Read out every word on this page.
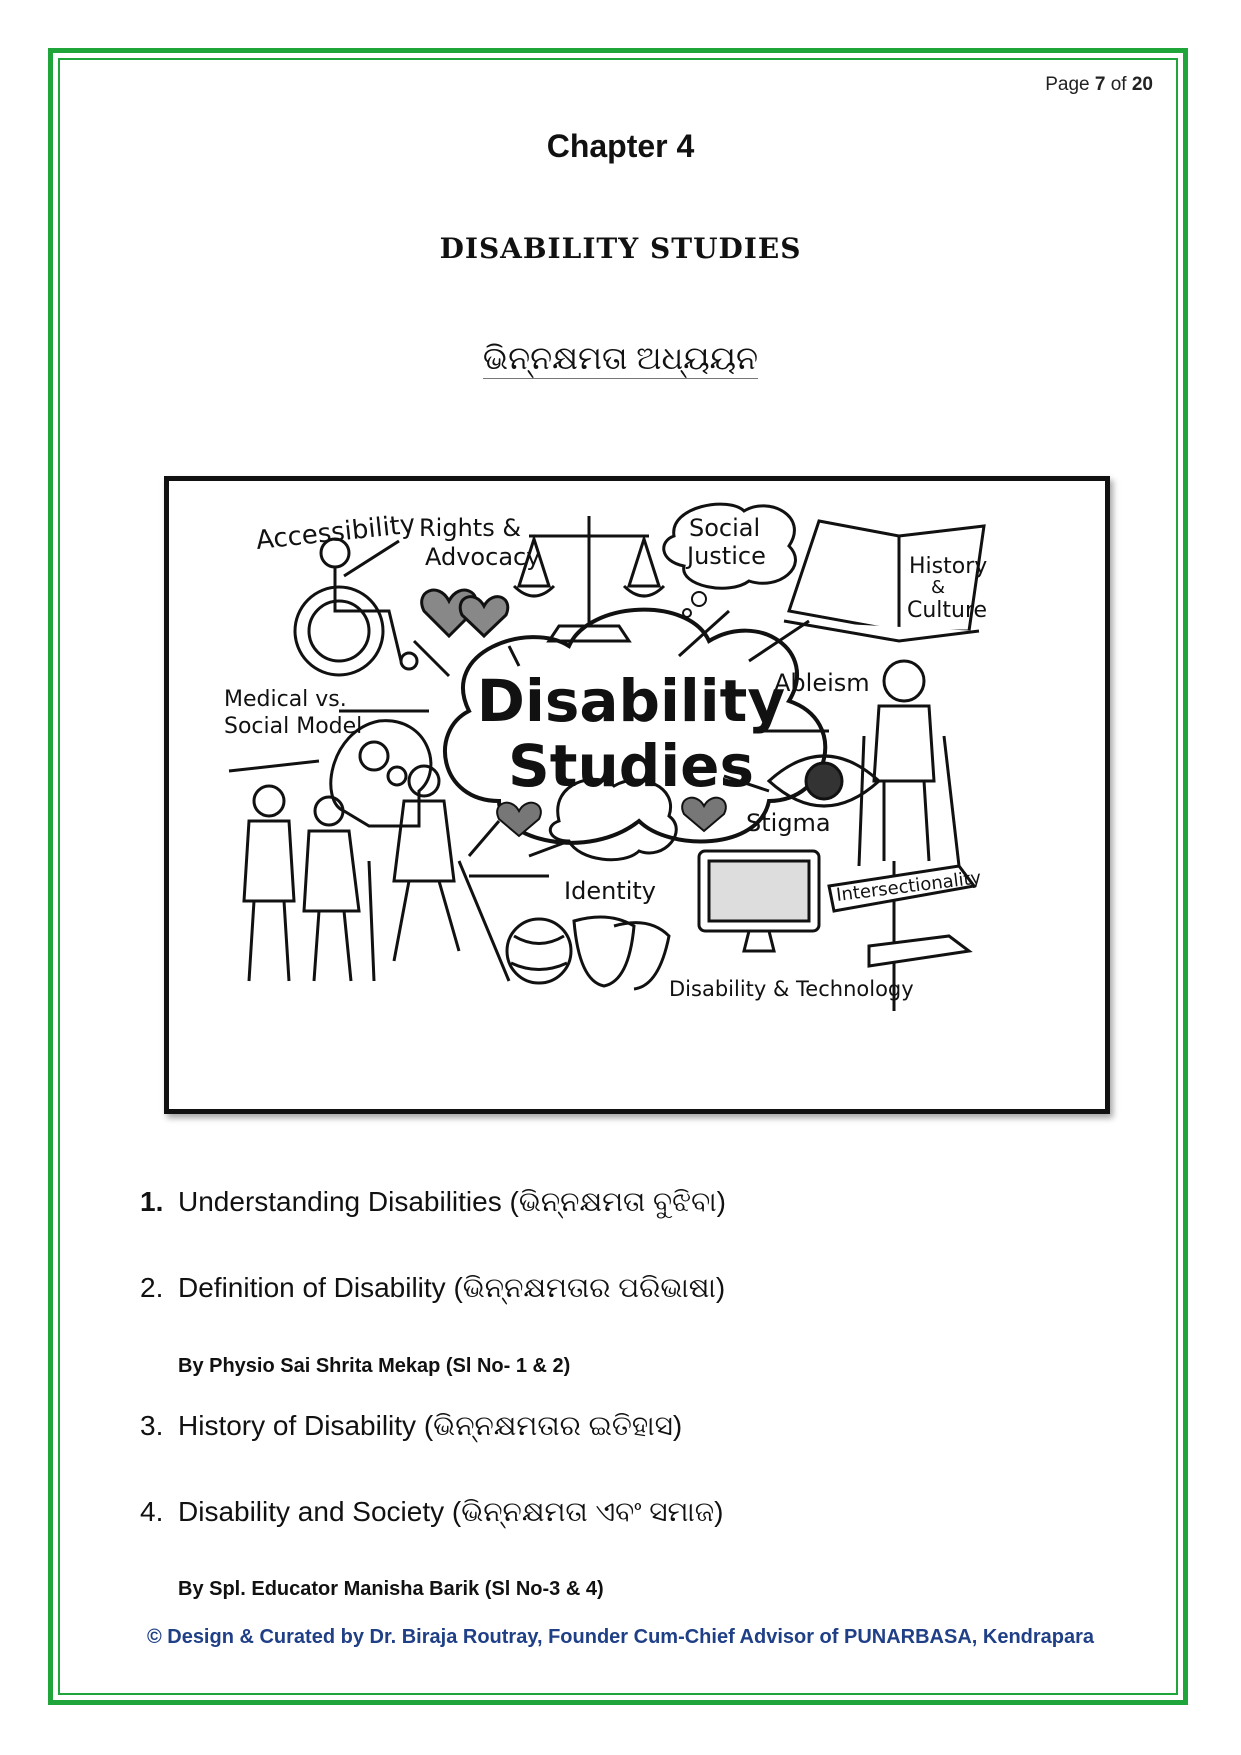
Page 7 of 20
Chapter 4
DISABILITY STUDIES
ଭିନ୍ନକ୍ଷମତା ଅଧ୍ୟୟନ
Disability
Studies
Accessibility Rights &
Advocacy
Social
Justice	History
&
Culture
Medical vs.
Social Model
Ableism
Stigma
Identity
Disability & Technology
Intersectionality
1. Understanding Disabilities (ଭିନ୍ନକ୍ଷମତା ବୁଝିବା)
2. Definition of Disability (ଭିନ୍ନକ୍ଷମତାର ପରିଭାଷା)
By Physio Sai Shrita Mekap (Sl No- 1 & 2)
3. History of Disability (ଭିନ୍ନକ୍ଷମତାର ଇତିହାସ)
4. Disability and Society (ଭିନ୍ନକ୍ଷମତା ଏବଂ ସମାଜ)
By Spl. Educator Manisha Barik (Sl No-3 & 4)
© Design & Curated by Dr. Biraja Routray, Founder Cum-Chief Advisor of PUNARBASA, Kendrapara
